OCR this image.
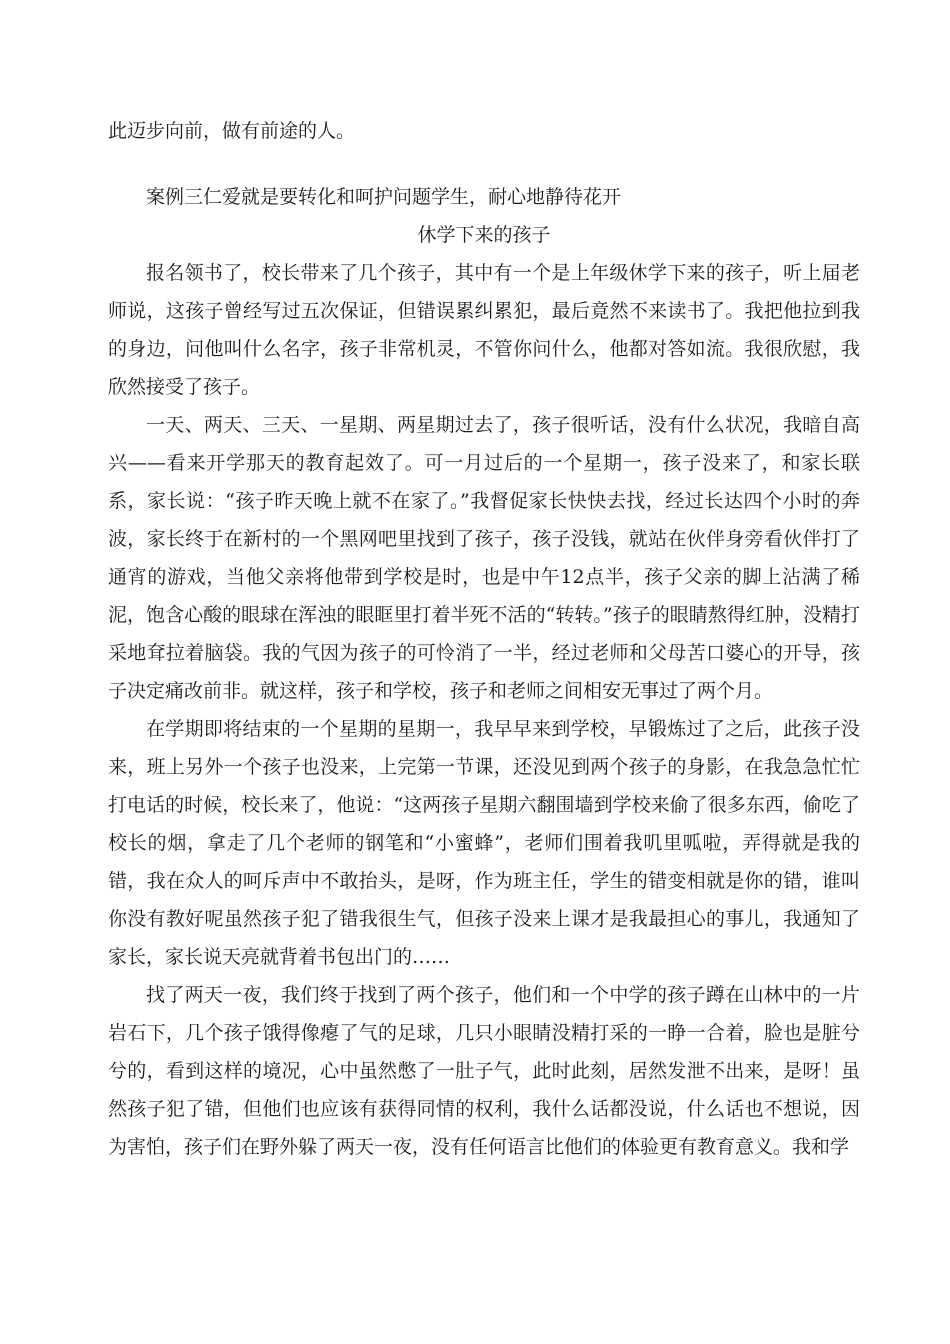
此迈步向前，做有前途的人。

案例三仁爱就是要转化和呵护问题学生，耐心地静待花开

休学下来的孩子

报名领书了，校长带来了几个孩子，其中有一个是上年级休学下来的孩子，听上届老师说，这孩子曾经写过五次保证，但错误累纠累犯，最后竟然不来读书了。我把他拉到我的身边，问他叫什么名字，孩子非常机灵，不管你问什么，他都对答如流。我很欣慰，我欣然接受了孩子。

一天、两天、三天、一星期、两星期过去了，孩子很听话，没有什么状况，我暗自高兴——看来开学那天的教育起效了。可一月过后的一个星期一，孩子没来了，和家长联系，家长说：“孩子昨天晚上就不在家了。”我督促家长快快去找，经过长达四个小时的奔波，家长终于在新村的一个黑网吧里找到了孩子，孩子没钱，就站在伙伴身旁看伙伴打了通宵的游戏，当他父亲将他带到学校是时，也是中午12点半，孩子父亲的脚上沾满了稀泥，饱含心酸的眼球在浑浊的眼眶里打着半死不活的“转转。”孩子的眼睛熬得红肿，没精打采地耷拉着脑袋。我的气因为孩子的可怜消了一半，经过老师和父母苦口婆心的开导，孩子决定痛改前非。就这样，孩子和学校，孩子和老师之间相安无事过了两个月。

在学期即将结束的一个星期的星期一，我早早来到学校，早锻炼过了之后，此孩子没来，班上另外一个孩子也没来，上完第一节课，还没见到两个孩子的身影，在我急急忙忙打电话的时候，校长来了，他说：“这两孩子星期六翻围墙到学校来偷了很多东西，偷吃了校长的烟，拿走了几个老师的钢笔和“小蜜蜂”，老师们围着我叽里呱啦，弄得就是我的错，我在众人的呵斥声中不敢抬头，是呀，作为班主任，学生的错变相就是你的错，谁叫你没有教好呢虽然孩子犯了错我很生气，但孩子没来上课才是我最担心的事儿，我通知了家长，家长说天亮就背着书包出门的……

找了两天一夜，我们终于找到了两个孩子，他们和一个中学的孩子蹲在山林中的一片岩石下，几个孩子饿得像瘪了气的足球，几只小眼睛没精打采的一睁一合着，脸也是脏兮兮的，看到这样的境况，心中虽然憋了一肚子气，此时此刻，居然发泄不出来，是呀！虽然孩子犯了错，但他们也应该有获得同情的权利，我什么话都没说，什么话也不想说，因为害怕，孩子们在野外躲了两天一夜，没有任何语言比他们的体验更有教育意义。我和学
